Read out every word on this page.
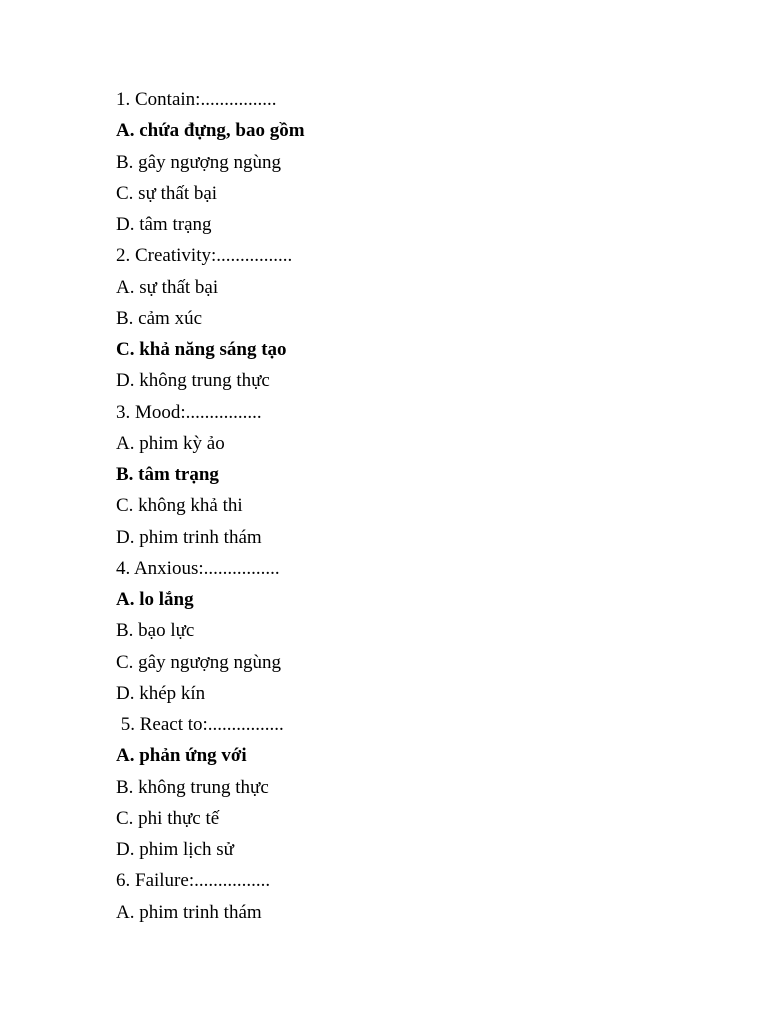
1. Contain:................
A. chứa đựng, bao gồm
B. gây ngượng ngùng
C. sự thất bại
D. tâm trạng
2. Creativity:................
A. sự thất bại
B. cảm xúc
C. khả năng sáng tạo
D. không trung thực
3. Mood:................
A. phim kỳ ảo
B. tâm trạng
C. không khả thi
D. phim trinh thám
4. Anxious:................
A. lo lắng
B. bạo lực
C. gây ngượng ngùng
D. khép kín
5. React to:................
A. phản ứng với
B. không trung thực
C. phi thực tế
D. phim lịch sử
6. Failure:................
A. phim trinh thám
